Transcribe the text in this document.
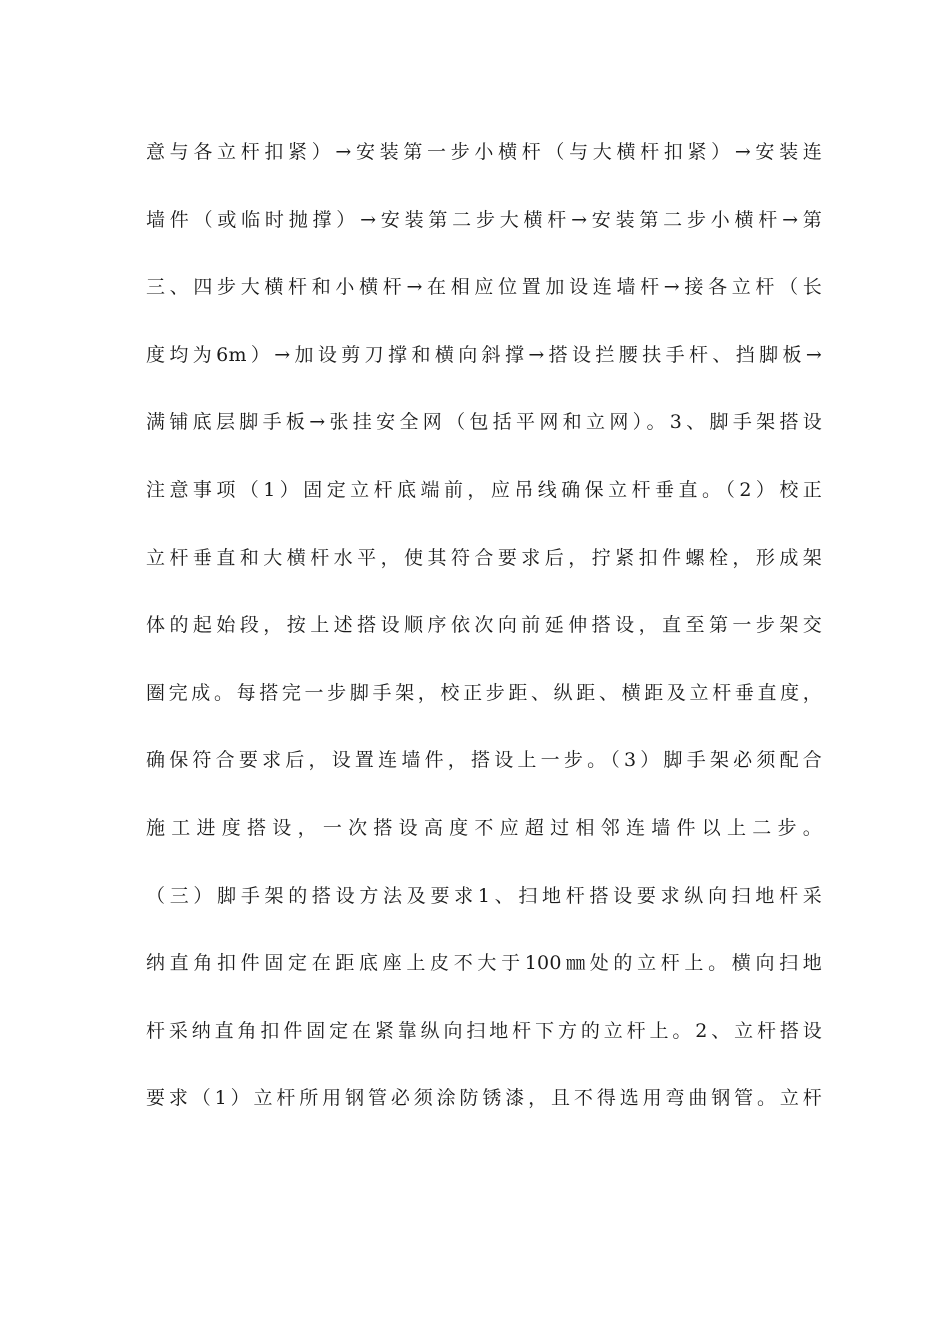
意与各立杆扣紧）→安装第一步小横杆（与大横杆扣紧）→安装连
墙件（或临时抛撑）→安装第二步大横杆→安装第二步小横杆→第
三、四步大横杆和小横杆→在相应位置加设连墙杆→接各立杆（长
度均为6m）→加设剪刀撑和横向斜撑→搭设拦腰扶手杆、挡脚板→
满铺底层脚手板→张挂安全网（包括平网和立网）。3、脚手架搭设
注意事项（1）固定立杆底端前，应吊线确保立杆垂直。（2）校正
立杆垂直和大横杆水平，使其符合要求后，拧紧扣件螺栓，形成架
体的起始段，按上述搭设顺序依次向前延伸搭设，直至第一步架交
圈完成。每搭完一步脚手架，校正步距、纵距、横距及立杆垂直度，
确保符合要求后，设置连墙件，搭设上一步。（3）脚手架必须配合
施工进度搭设，一次搭设高度不应超过相邻连墙件以上二步。
（三）脚手架的搭设方法及要求1、扫地杆搭设要求纵向扫地杆采
纳直角扣件固定在距底座上皮不大于100㎜处的立杆上。横向扫地
杆采纳直角扣件固定在紧靠纵向扫地杆下方的立杆上。2、立杆搭设
要求（1）立杆所用钢管必须涂防锈漆，且不得选用弯曲钢管。立杆
